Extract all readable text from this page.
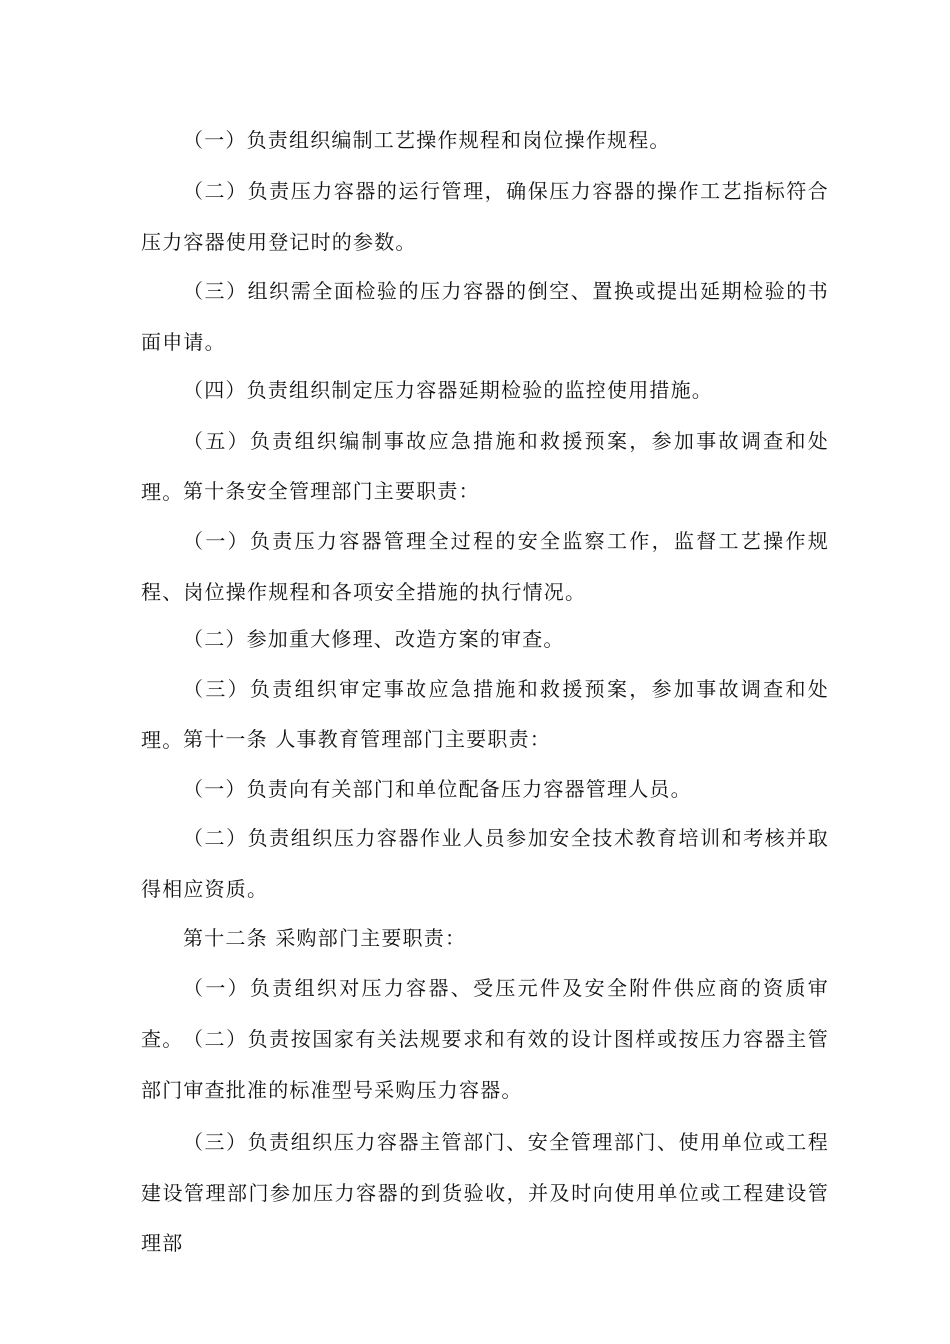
（一）负责组织编制工艺操作规程和岗位操作规程。

（二）负责压力容器的运行管理，确保压力容器的操作工艺指标符合压力容器使用登记时的参数。

（三）组织需全面检验的压力容器的倒空、置换或提出延期检验的书面申请。

（四）负责组织制定压力容器延期检验的监控使用措施。

（五）负责组织编制事故应急措施和救援预案，参加事故调查和处理。 第十条安全管理部门主要职责：

（一）负责压力容器管理全过程的安全监察工作，监督工艺操作规程、岗位操作规程和各项安全措施的执行情况。

（二）参加重大修理、改造方案的审查。

（三）负责组织审定事故应急措施和救援预案，参加事故调查和处理。 第十一条 人事教育管理部门主要职责：

（一）负责向有关部门和单位配备压力容器管理人员。

（二）负责组织压力容器作业人员参加安全技术教育培训和考核并取得相应资质。

第十二条 采购部门主要职责：

（一）负责组织对压力容器、受压元件及安全附件供应商的资质审查。 （二）负责按国家有关法规要求和有效的设计图样或按压力容器主管部门审查批准的标准型号采购压力容器。

（三）负责组织压力容器主管部门、安全管理部门、使用单位或工程建设管理部门参加压力容器的到货验收，并及时向使用单位或工程建设管理部
